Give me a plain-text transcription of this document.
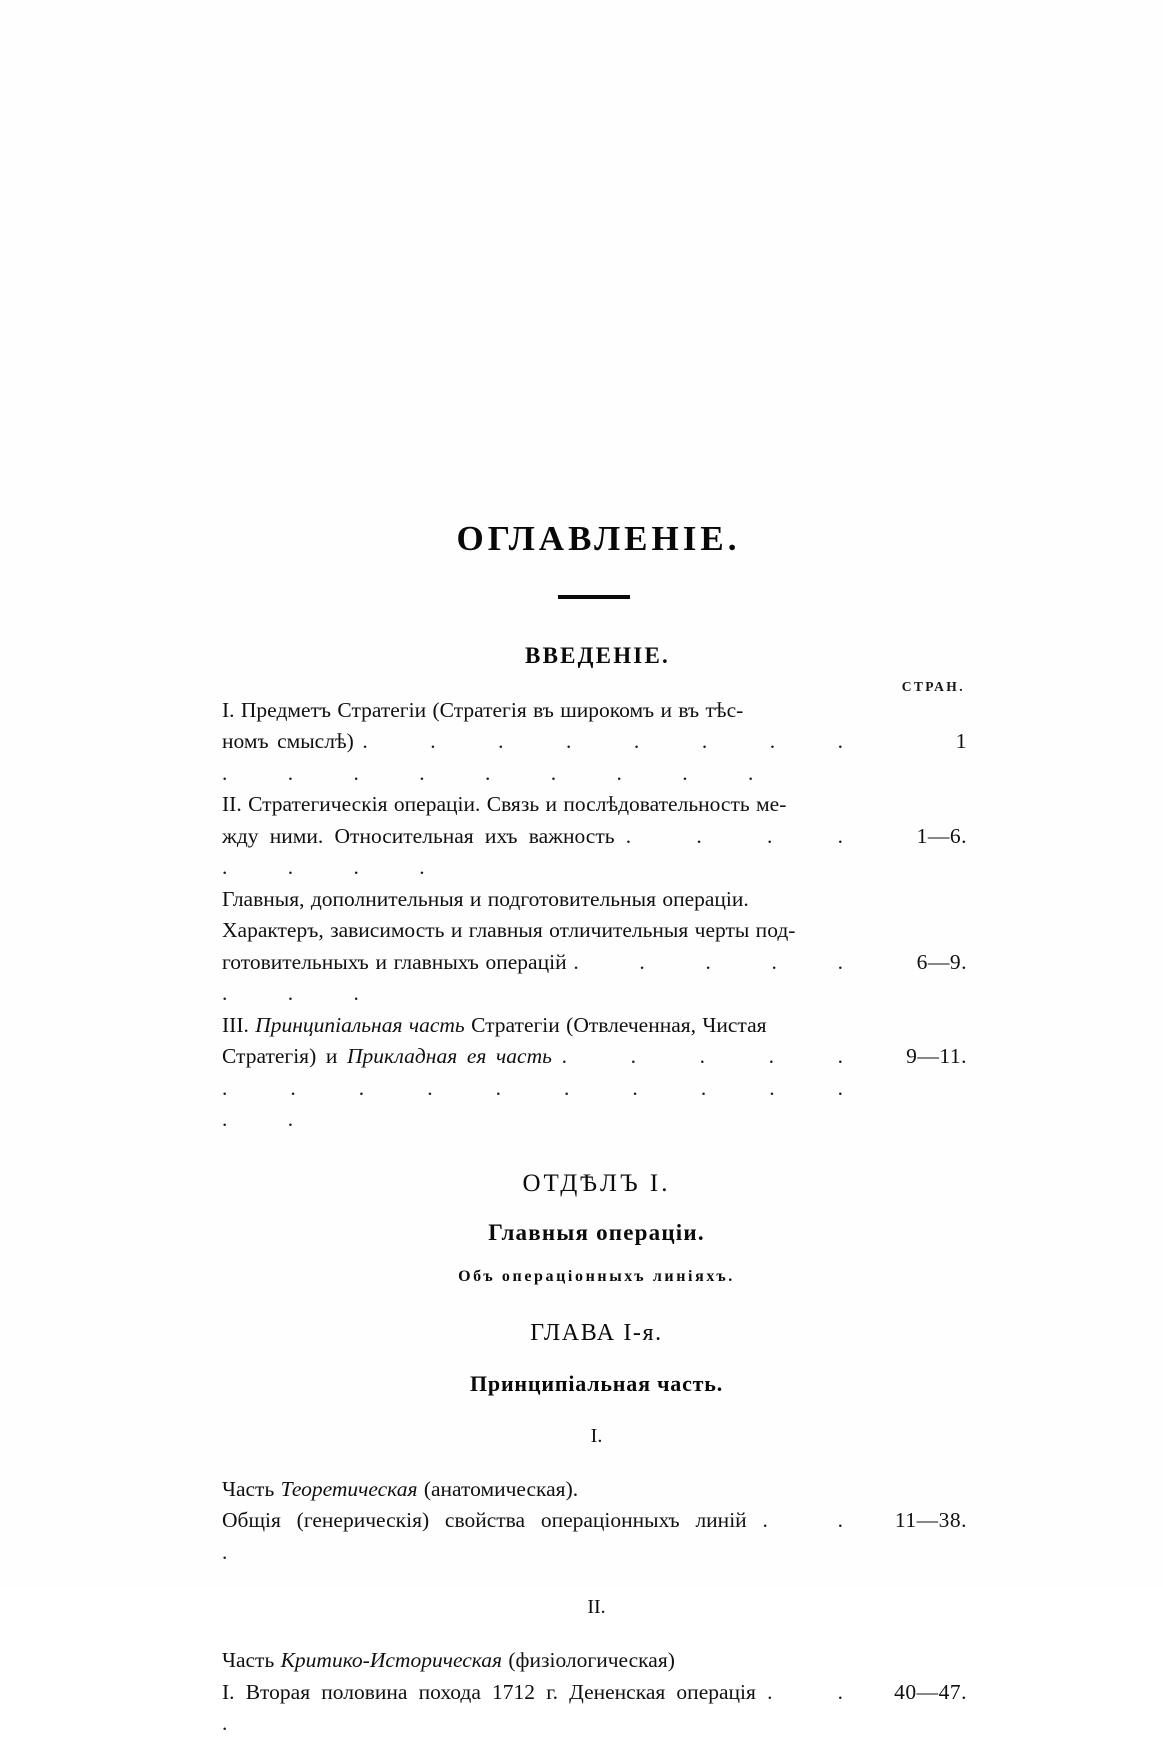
ОГЛАВЛЕНIЕ.
ВВЕДЕНIЕ.
СТРАН.
I. Предметъ Стратегiи (Стратегiя въ широкомъ и въ тѣс-
номъ смыслѣ) . . . . . . . . . . . . . . . . .
1
II. Стратегическiя операцiи. Связь и послѣдовательность ме-
жду ними. Относительная ихъ важность . . . . . . . .
1—6.
Главныя, дополнительныя и подготовительныя операцiи.
Характеръ, зависимость и главныя отличительныя черты под-
готовительныхъ и главныхъ операцiй . . . . . . . .
6—9.
III. Принципiальная часть Стратегiи (Отвлеченная, Чистая
Стратегiя) и Прикладная ея часть . . . . . . . . . . . . . . . . .
9—11.
ОТДѢЛЪ I.
Главныя операцiи.
Объ операцiонныхъ линiяхъ.
ГЛАВА I-я.
Принципiальная часть.
I.
Часть Теоретическая (анатомическая).
Общiя (генерическiя) свойства операцiонныхъ линiй . . .
11—38.
II.
Часть Критико-Историческая (физiологическая)
I. Вторая половина похода 1712 г. Дененская операцiя . . .
40—47.
